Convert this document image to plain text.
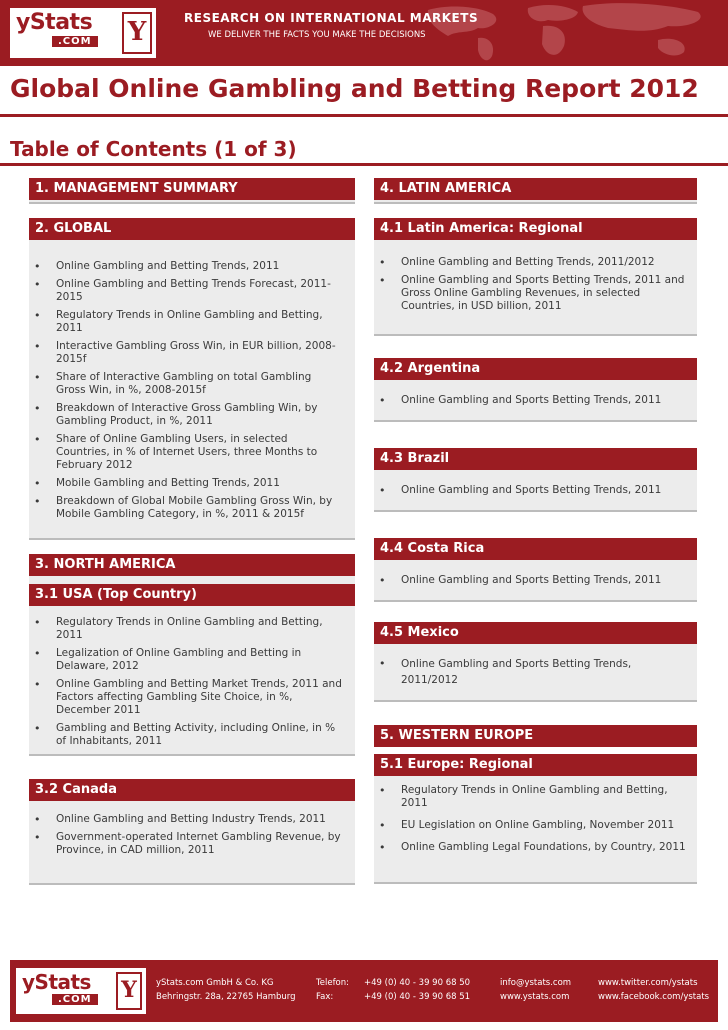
yStats
.COM Y	RESEARCH ON INTERNATIONAL MARKETS
WE DELIVER THE FACTS YOU MAKE THE DECISIONS
Global Online Gambling and Betting Report 2012
Table of Contents (1 of 3)
1. MANAGEMENT SUMMARY
2. GLOBAL
• Online Gambling and Betting Trends, 2011
• Online Gambling and Betting Trends Forecast, 2011-2015
• Regulatory Trends in Online Gambling and Betting, 2011
• Interactive Gambling Gross Win, in EUR billion, 2008-2015f
• Share of Interactive Gambling on total Gambling Gross Win, in %, 2008-2015f
• Breakdown of Interactive Gross Gambling Win, by Gambling Product, in %, 2011
• Share of Online Gambling Users, in selected Countries, in % of Internet Users, three Months to February 2012
• Mobile Gambling and Betting Trends, 2011
• Breakdown of Global Mobile Gambling Gross Win, by Mobile Gambling Category, in %, 2011 & 2015f
3. NORTH AMERICA
3.1 USA (Top Country)
• Regulatory Trends in Online Gambling and Betting, 2011
• Legalization of Online Gambling and Betting in Delaware, 2012
• Online Gambling and Betting Market Trends, 2011 and Factors affecting Gambling Site Choice, in %, December 2011
• Gambling and Betting Activity, including Online, in % of Inhabitants, 2011
3.2 Canada
• Online Gambling and Betting Industry Trends, 2011
• Government-operated Internet Gambling Revenue, by Province, in CAD million, 2011
4. LATIN AMERICA
4.1 Latin America: Regional
• Online Gambling and Betting Trends, 2011/2012
• Online Gambling and Sports Betting Trends, 2011 and Gross Online Gambling Revenues, in selected Countries, in USD billion, 2011
4.2 Argentina
• Online Gambling and Sports Betting Trends, 2011
4.3 Brazil
• Online Gambling and Sports Betting Trends, 2011
4.4 Costa Rica
• Online Gambling and Sports Betting Trends, 2011
4.5 Mexico
• Online Gambling and Sports Betting Trends, 2011/2012
5. WESTERN EUROPE
5.1 Europe: Regional
• Regulatory Trends in Online Gambling and Betting, 2011
• EU Legislation on Online Gambling, November 2011
• Online Gambling Legal Foundations, by Country, 2011
yStats
.COM Y	yStats.com GmbH & Co. KG
Behringstr. 28a, 22765 Hamburg
Telefon: +49 (0) 40 - 39 90 68 50
Fax:	+49 (0) 40 - 39 90 68 51
info@ystats.com
www.ystats.com
www.twitter.com/ystats
www.facebook.com/ystats
